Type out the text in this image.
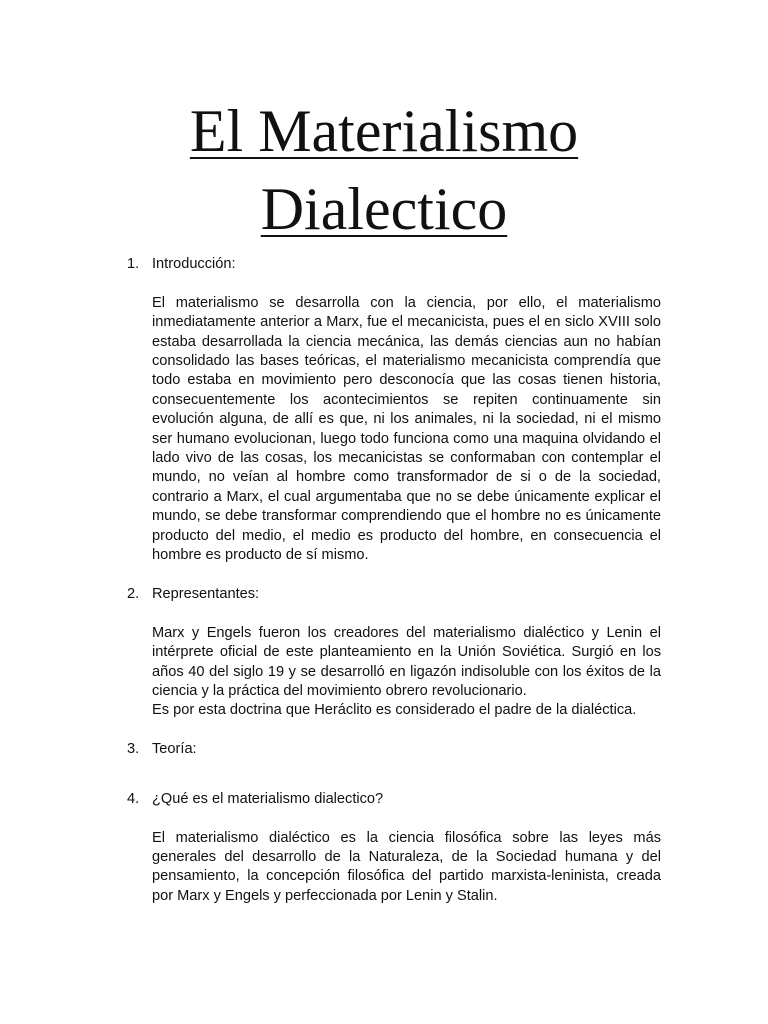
El Materialismo
Dialectico
1. Introducción:

El materialismo se desarrolla con la ciencia, por ello, el materialismo inmediatamente anterior a Marx, fue el mecanicista, pues el en siclo XVIII solo estaba desarrollada la ciencia mecánica, las demás ciencias aun no habían consolidado las bases teóricas, el materialismo mecanicista comprendía que todo estaba en movimiento pero desconocía que las cosas tienen historia, consecuentemente los acontecimientos se repiten continuamente sin evolución alguna, de allí es que, ni los animales, ni la sociedad, ni el mismo ser humano evolucionan, luego todo funciona como una maquina olvidando el lado vivo de las cosas, los mecanicistas se conformaban con contemplar el mundo, no veían al hombre como transformador de si o de la sociedad, contrario a Marx, el cual argumentaba que no se debe únicamente explicar el mundo, se debe transformar comprendiendo que el hombre no es únicamente producto del medio, el medio es producto del hombre, en consecuencia el hombre es producto de sí mismo.

2. Representantes:

Marx y Engels fueron los creadores del materialismo dialéctico y Lenin el intérprete oficial de este planteamiento en la Unión Soviética. Surgió en los años 40 del siglo 19 y se desarrolló en ligazón indisoluble con los éxitos de la ciencia y la práctica del movimiento obrero revolucionario.

Es por esta doctrina que Heráclito es considerado el padre de la dialéctica.

3. Teoría:
4. ¿Qué es el materialismo dialectico?

El materialismo dialéctico es la ciencia filosófica sobre las leyes más generales del desarrollo de la Naturaleza, de la Sociedad humana y del pensamiento, la concepción filosófica del partido marxista-leninista, creada por Marx y Engels y perfeccionada por Lenin y Stalin.
